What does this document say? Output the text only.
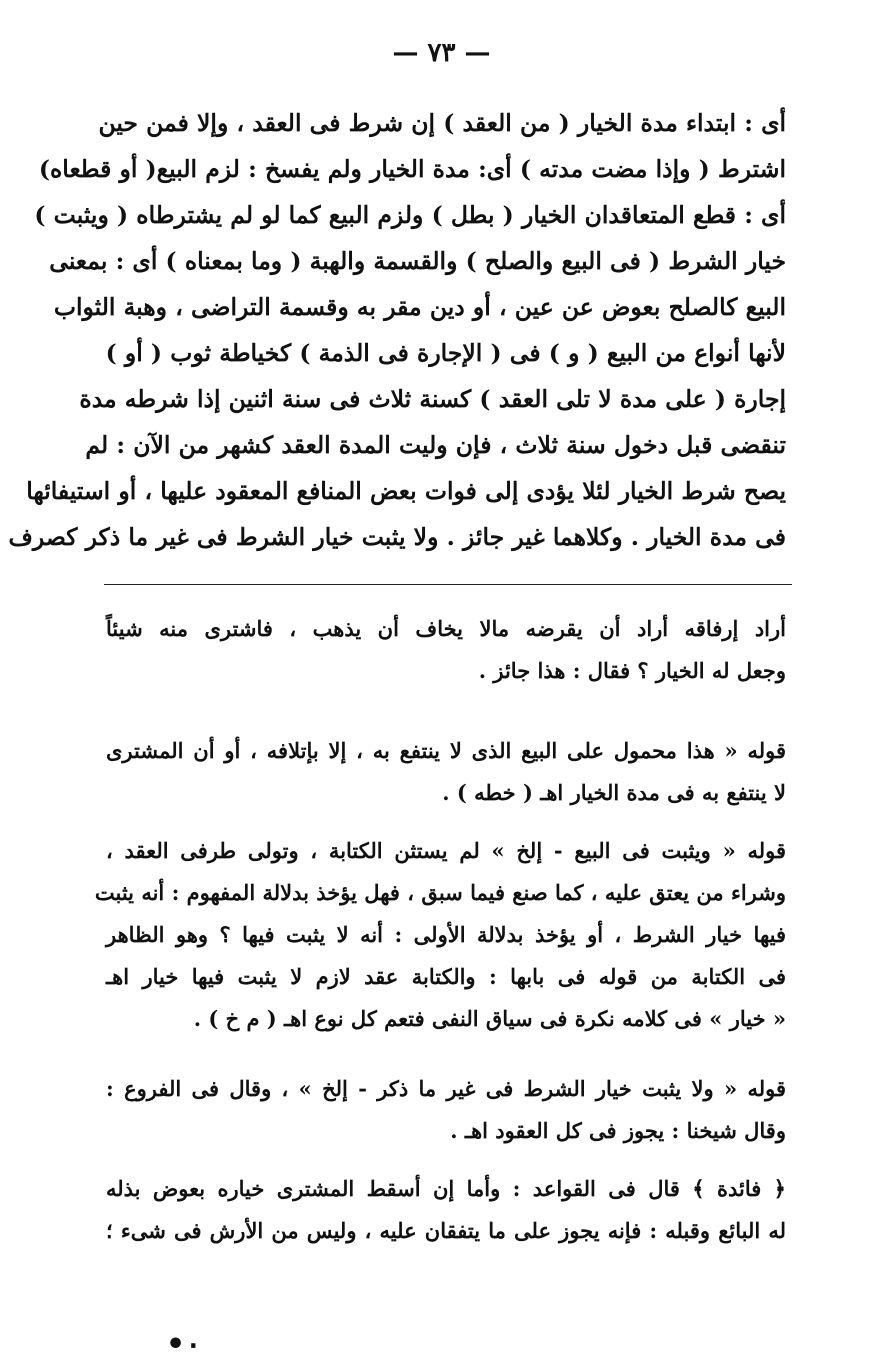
— ٧٣ —
أى : ابتداء مدة الخيار ( من العقد ) إن شرط فى العقد ، وإلا فمن حين
اشترط ( وإذا مضت مدته ) أى: مدة الخيار ولم يفسخ : لزم البيع( أو قطعاه)
أى : قطع المتعاقدان الخيار ( بطل ) ولزم البيع كما لو لم يشترطاه ( ويثبت )
خيار الشرط ( فى البيع والصلح ) والقسمة والهبة ( وما بمعناه ) أى : بمعنى
البيع كالصلح بعوض عن عين ، أو دين مقر به وقسمة التراضى ، وهبة الثواب
لأنها أنواع من البيع ( و ) فى ( الإجارة فى الذمة ) كخياطة ثوب ( أو )
إجارة ( على مدة لا تلى العقد ) كسنة ثلاث فى سنة اثنين إذا شرطه مدة
تنقضى قبل دخول سنة ثلاث ، فإن وليت المدة العقد كشهر من الآن : لم
يصح شرط الخيار لئلا يؤدى إلى فوات بعض المنافع المعقود عليها ، أو استيفائها
فى مدة الخيار . وكلاهما غير جائز . ولا يثبت خيار الشرط فى غير ما ذكر كصرف
أراد إرفاقه أراد أن يقرضه مالا يخاف أن يذهب ، فاشترى منه شيئاً
وجعل له الخيار ؟ فقال : هذا جائز .
قوله « هذا محمول على البيع الذى لا ينتفع به ، إلا بإتلافه ، أو أن المشترى
لا ينتفع به فى مدة الخيار اهـ ( خطه ) .
قوله « ويثبت فى البيع - إلخ » لم يستثن الكتابة ، وتولى طرفى العقد ،
وشراء من يعتق عليه ، كما صنع فيما سبق ، فهل يؤخذ بدلالة المفهوم : أنه يثبت
فيها خيار الشرط ، أو يؤخذ بدلالة الأولى : أنه لا يثبت فيها ؟ وهو الظاهر
فى الكتابة من قوله فى بابها : والكتابة عقد لازم لا يثبت فيها خيار اهـ
« خيار » فى كلامه نكرة فى سياق النفى فتعم كل نوع اهـ ( م خ ) .
قوله « ولا يثبت خيار الشرط فى غير ما ذكر - إلخ » ، وقال فى الفروع :
وقال شيخنا : يجوز فى كل العقود اهـ .
﴿ فائدة ﴾ قال فى القواعد : وأما إن أسقط المشترى خياره بعوض بذله
له البائع وقبله : فإنه يجوز على ما يتفقان عليه ، وليس من الأرش فى شىء ؛
•٠
